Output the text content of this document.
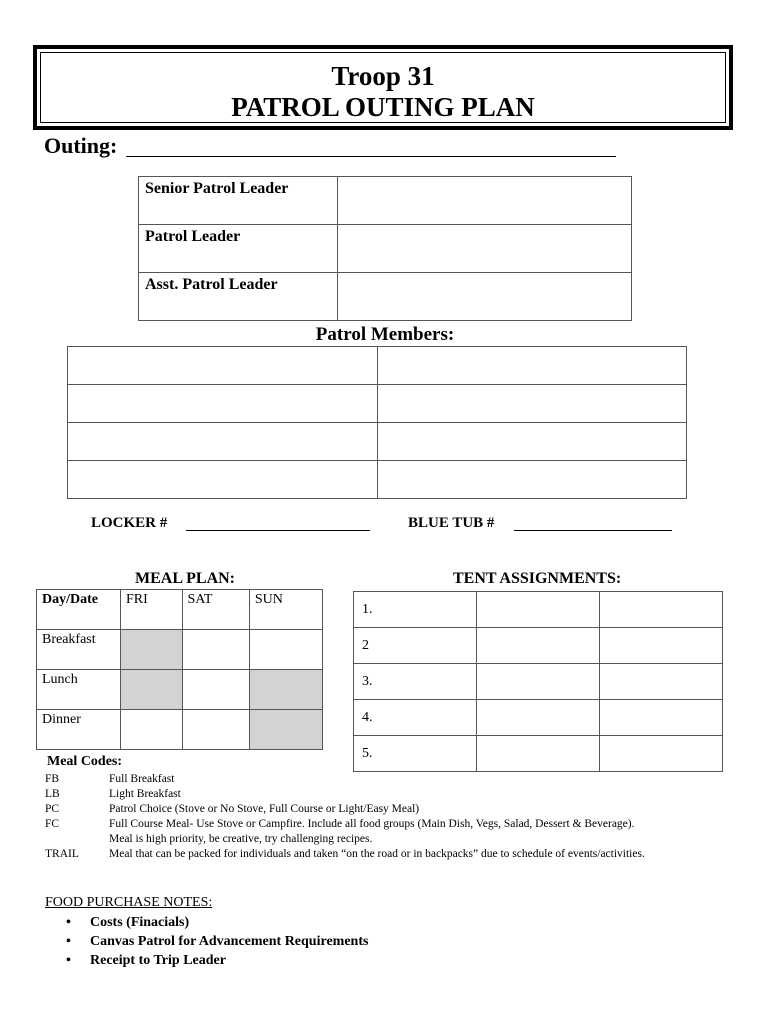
Troop 31
PATROL OUTING PLAN
Outing:
Senior Patrol Leader	
Patrol Leader	
Asst. Patrol Leader	
Patrol Members:

LOCKER #	BLUE TUB #
MEAL PLAN:	TENT ASSIGNMENTS:
Day/Date	FRI	SAT	SUN
Breakfast			
Lunch			
Dinner			
1.		
2		
3.		
4.		
5.		
Meal Codes:
FB	Full Breakfast
LB	Light Breakfast
PC	Patrol Choice (Stove or No Stove, Full Course or Light/Easy Meal)
FC	Full Course Meal- Use Stove or Campfire. Include all food groups (Main Dish, Vegs, Salad, Dessert & Beverage). Meal is high priority, be creative, try challenging recipes.
TRAIL	Meal that can be packed for individuals and taken “on the road or in backpacks” due to schedule of events/activities.
FOOD PURCHASE NOTES:
• Costs (Finacials)
• Canvas Patrol for Advancement Requirements
• Receipt to Trip Leader
